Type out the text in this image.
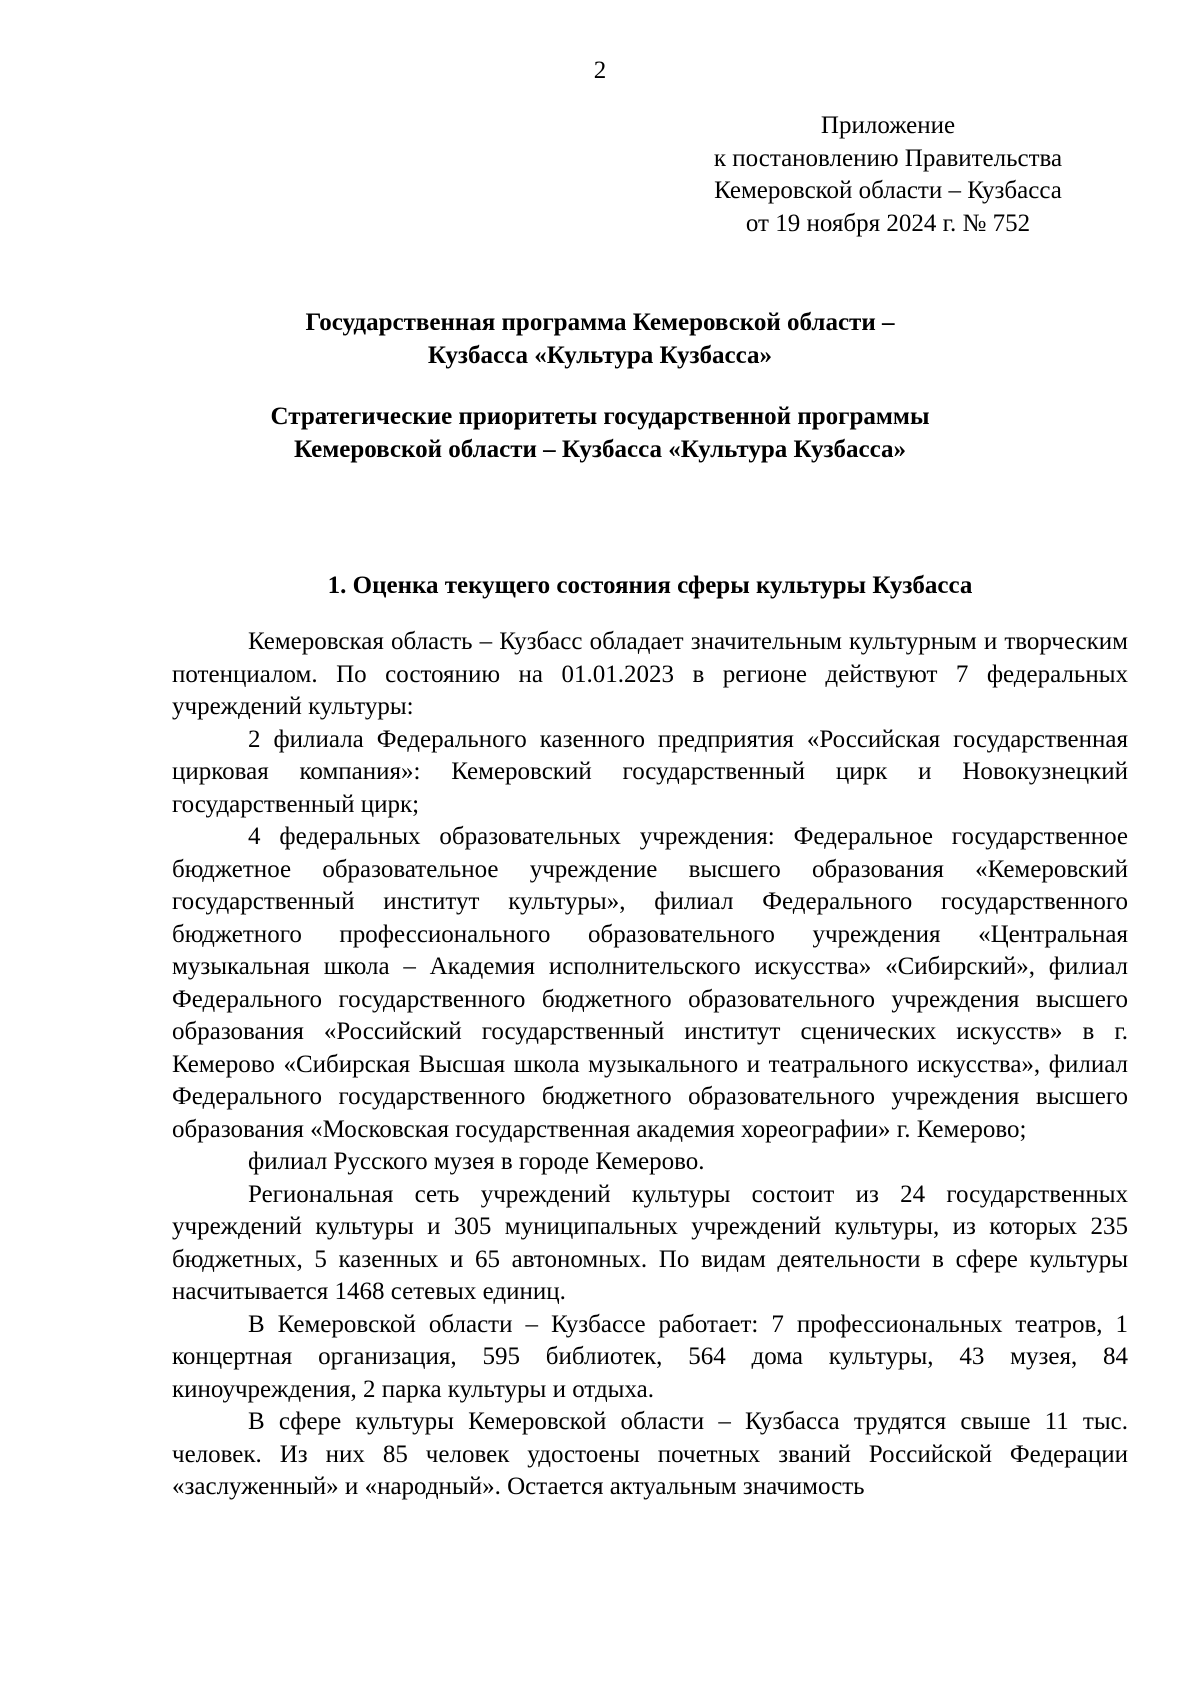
2
Приложение
к постановлению Правительства
Кемеровской области – Кузбасса
от 19 ноября 2024 г. № 752
Государственная программа Кемеровской области –
Кузбасса «Культура Кузбасса»
Стратегические приоритеты государственной программы Кемеровской области – Кузбасса «Культура Кузбасса»
1. Оценка текущего состояния сферы культуры Кузбасса

Кемеровская область – Кузбасс обладает значительным культурным и творческим потенциалом. По состоянию на 01.01.2023 в регионе действуют 7 федеральных учреждений культуры:

2 филиала Федерального казенного предприятия «Российская государственная цирковая компания»: Кемеровский государственный цирк и Новокузнецкий государственный цирк;

4 федеральных образовательных учреждения: Федеральное государственное бюджетное образовательное учреждение высшего образования «Кемеровский государственный институт культуры», филиал Федерального государственного бюджетного профессионального образовательного учреждения «Центральная музыкальная школа – Академия исполнительского искусства» «Сибирский», филиал Федерального государственного бюджетного образовательного учреждения высшего образования «Российский государственный институт сценических искусств» в г. Кемерово «Сибирская Высшая школа музыкального и театрального искусства», филиал Федерального государственного бюджетного образовательного учреждения высшего образования «Московская государственная академия хореографии» г. Кемерово;

филиал Русского музея в городе Кемерово.

Региональная сеть учреждений культуры состоит из 24 государственных учреждений культуры и 305 муниципальных учреждений культуры, из которых 235 бюджетных, 5 казенных и 65 автономных. По видам деятельности в сфере культуры насчитывается 1468 сетевых единиц.

В Кемеровской области – Кузбассе работает: 7 профессиональных театров, 1 концертная организация, 595 библиотек, 564 дома культуры, 43 музея, 84 киноучреждения, 2 парка культуры и отдыха.

В сфере культуры Кемеровской области – Кузбасса трудятся свыше 11 тыс. человек. Из них 85 человек удостоены почетных званий Российской Федерации «заслуженный» и «народный». Остается актуальным значимость
